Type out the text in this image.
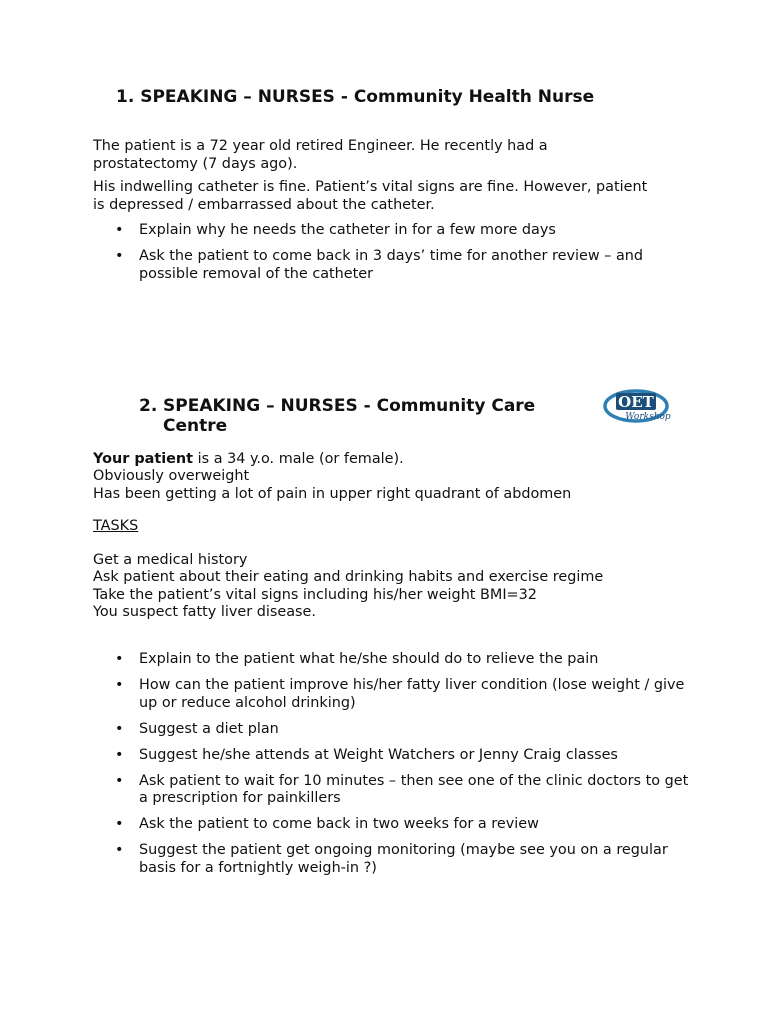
1. SPEAKING – NURSES - Community Health Nurse
The patient is a 72 year old retired Engineer. He recently had a prostatectomy (7 days ago).
His indwelling catheter is fine. Patient’s vital signs are fine. However, patient is depressed / embarrassed about the catheter.
• Explain why he needs the catheter in for a few more days
• Ask the patient to come back in 3 days’ time for another review – and possible removal of the catheter
2. SPEAKING – NURSES - Community Care Centre
OET
Workshop
Your patient is a 34 y.o. male (or female).
Obviously overweight
Has been getting a lot of pain in upper right quadrant of abdomen
TASKS
Get a medical history
Ask patient about their eating and drinking habits and exercise regime
Take the patient’s vital signs including his/her weight BMI=32
You suspect fatty liver disease.
• Explain to the patient what he/she should do to relieve the pain
• How can the patient improve his/her fatty liver condition (lose weight / give up or reduce alcohol drinking)
• Suggest a diet plan
• Suggest he/she attends at Weight Watchers or Jenny Craig classes
• Ask patient to wait for 10 minutes – then see one of the clinic doctors to get a prescription for painkillers
• Ask the patient to come back in two weeks for a review
• Suggest the patient get ongoing monitoring (maybe see you on a regular basis for a fortnightly weigh-in ?)
